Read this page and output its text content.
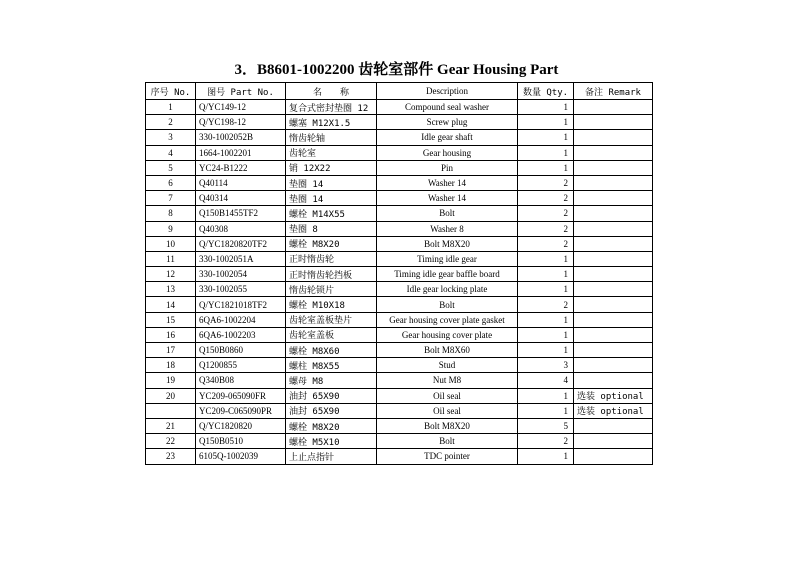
3．B8601-1002200 齿轮室部件 Gear Housing Part
序号 No.	图号 Part No.	名　　称	Description	数量 Qty.	备注 Remark
1	Q/YC149-12	复合式密封垫圈 12	Compound seal washer	1	
2	Q/YC198-12	螺塞 M12X1.5	Screw plug	1	
3	330-1002052B	惰齿轮轴	Idle gear shaft	1	
4	1664-1002201	齿轮室	Gear housing	1	
5	YC24-B1222	销 12X22	Pin	1	
6	Q40114	垫圈 14	Washer 14	2	
7	Q40314	垫圈 14	Washer 14	2	
8	Q150B1455TF2	螺栓 M14X55	Bolt	2	
9	Q40308	垫圈 8	Washer 8	2	
10	Q/YC1820820TF2	螺栓 M8X20	Bolt M8X20	2	
11	330-1002051A	正时惰齿轮	Timing idle gear	1	
12	330-1002054	正时惰齿轮挡板	Timing idle gear baffle board	1	
13	330-1002055	惰齿轮锁片	Idle gear locking plate	1	
14	Q/YC1821018TF2	螺栓 M10X18	Bolt	2	
15	6QA6-1002204	齿轮室盖板垫片	Gear housing cover plate gasket	1	
16	6QA6-1002203	齿轮室盖板	Gear housing cover plate	1	
17	Q150B0860	螺栓 M8X60	Bolt M8X60	1	
18	Q1200855	螺柱 M8X55	Stud	3	
19	Q340B08	螺母 M8	Nut M8	4	
20	YC209-065090FR	油封 65X90	Oil seal	1	选装 optional
	YC209-C065090PR	油封 65X90	Oil seal	1	选装 optional
21	Q/YC1820820	螺栓 M8X20	Bolt M8X20	5	
22	Q150B0510	螺栓 M5X10	Bolt	2	
23	6105Q-1002039	上止点指针	TDC pointer	1	
